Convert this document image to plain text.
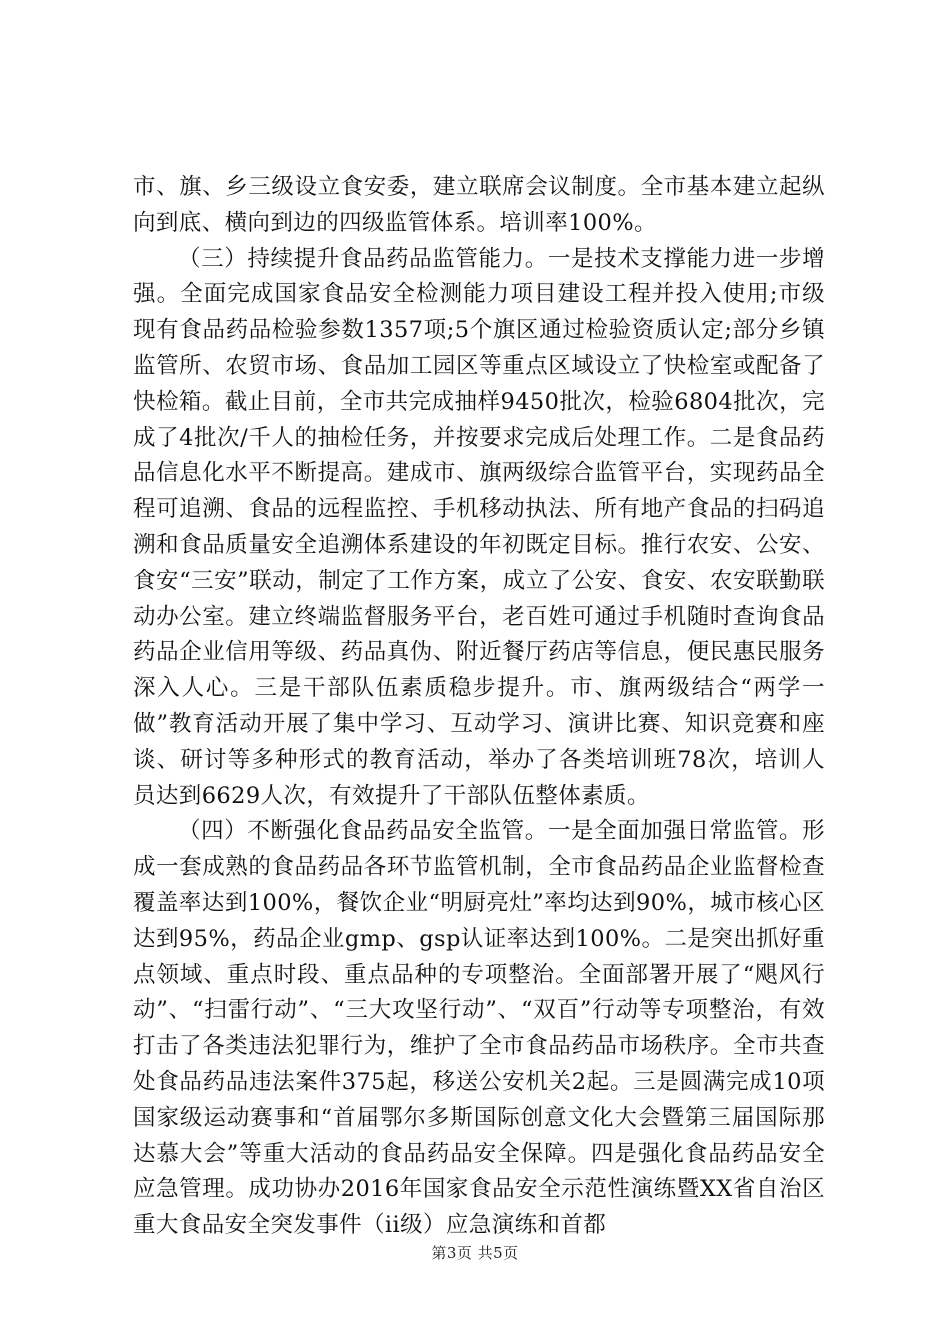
市、旗、乡三级设立食安委，建立联席会议制度。全市基本建立起纵向到底、横向到边的四级监管体系。培训率100%。

（三）持续提升食品药品监管能力。一是技术支撑能力进一步增强。全面完成国家食品安全检测能力项目建设工程并投入使用;市级现有食品药品检验参数1357项;5个旗区通过检验资质认定;部分乡镇监管所、农贸市场、食品加工园区等重点区域设立了快检室或配备了快检箱。截止目前，全市共完成抽样9450批次，检验6804批次，完成了4批次/千人的抽检任务，并按要求完成后处理工作。二是食品药品信息化水平不断提高。建成市、旗两级综合监管平台，实现药品全程可追溯、食品的远程监控、手机移动执法、所有地产食品的扫码追溯和食品质量安全追溯体系建设的年初既定目标。推行农安、公安、食安“三安”联动，制定了工作方案，成立了公安、食安、农安联勤联动办公室。建立终端监督服务平台，老百姓可通过手机随时查询食品药品企业信用等级、药品真伪、附近餐厅药店等信息，便民惠民服务深入人心。三是干部队伍素质稳步提升。市、旗两级结合“两学一做”教育活动开展了集中学习、互动学习、演讲比赛、知识竞赛和座谈、研讨等多种形式的教育活动，举办了各类培训班78次，培训人员达到6629人次，有效提升了干部队伍整体素质。

（四）不断强化食品药品安全监管。一是全面加强日常监管。形成一套成熟的食品药品各环节监管机制，全市食品药品企业监督检查覆盖率达到100%，餐饮企业“明厨亮灶”率均达到90%，城市核心区达到95%，药品企业gmp、gsp认证率达到100%。二是突出抓好重点领域、重点时段、重点品种的专项整治。全面部署开展了“飓风行动”、“扫雷行动”、“三大攻坚行动”、“双百”行动等专项整治，有效打击了各类违法犯罪行为，维护了全市食品药品市场秩序。全市共查处食品药品违法案件375起，移送公安机关2起。三是圆满完成10项国家级运动赛事和“首届鄂尔多斯国际创意文化大会暨第三届国际那达慕大会”等重大活动的食品药品安全保障。四是强化食品药品安全应急管理。成功协办2016年国家食品安全示范性演练暨XX省自治区重大食品安全突发事件（ii级）应急演练和首都

第3页 共5页
